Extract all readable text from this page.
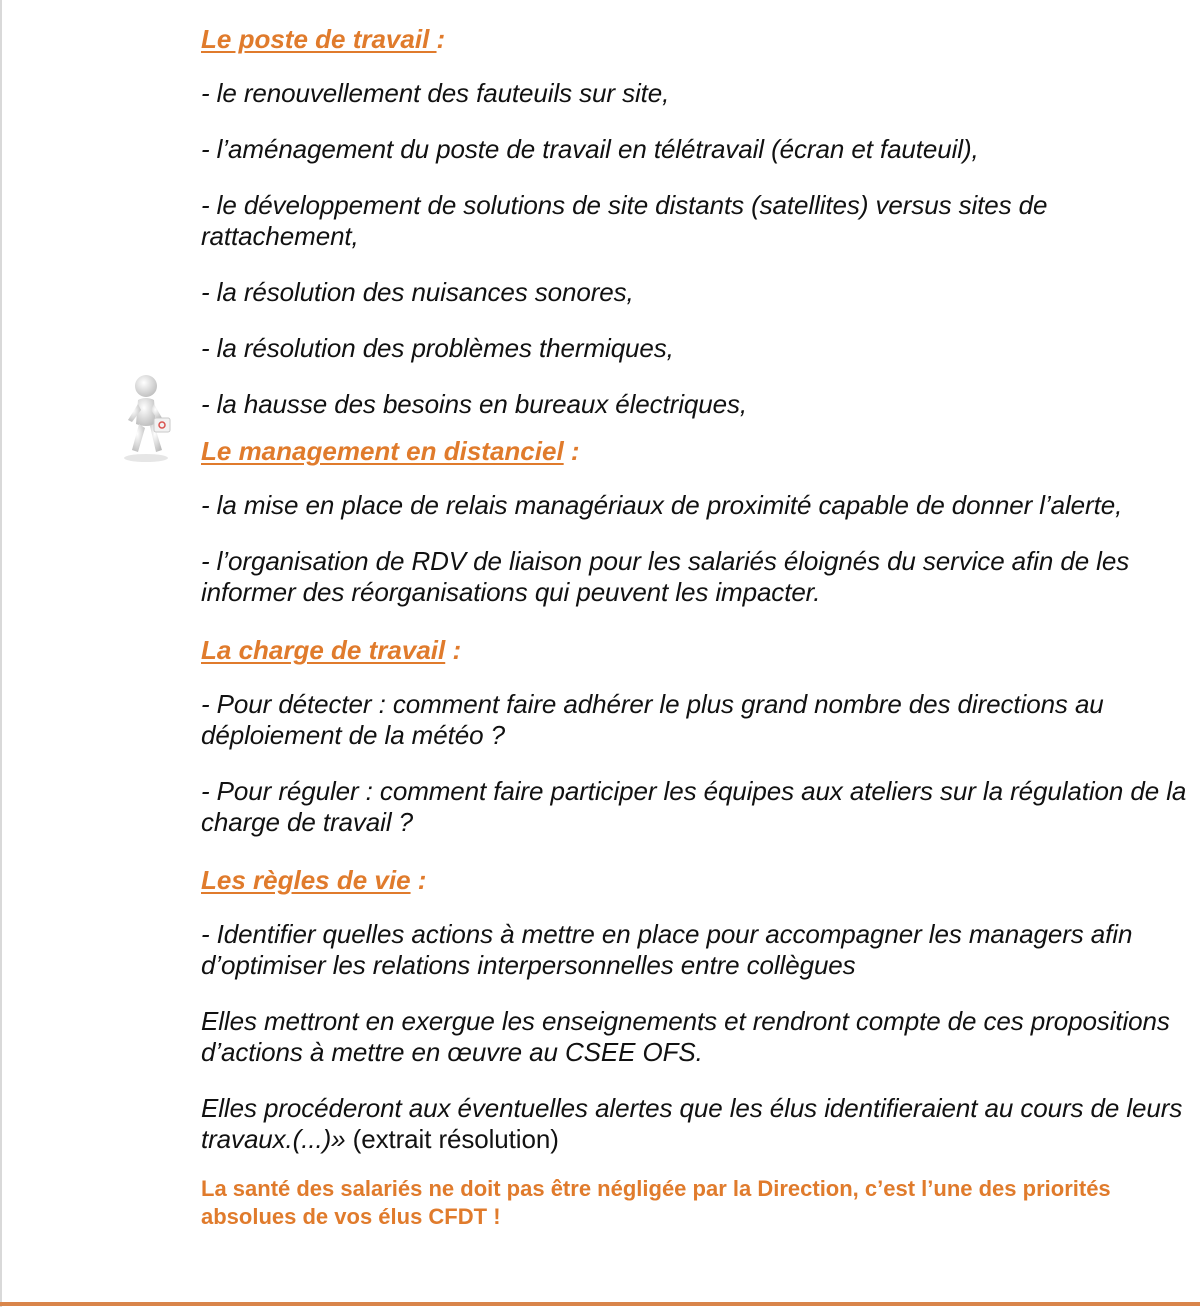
Le poste de travail :
- le renouvellement des fauteuils sur site,
- l’aménagement du poste de travail en télétravail (écran et fauteuil),
- le développement de solutions de site distants (satellites) versus sites de rattachement,
- la résolution des nuisances sonores,
- la résolution des problèmes thermiques,
- la hausse des besoins en bureaux électriques,
Le management en distanciel :
- la mise en place de relais managériaux de proximité capable de donner l’alerte,
- l’organisation de RDV de liaison pour les salariés éloignés du service afin de les informer des réorganisations qui peuvent les impacter.
La charge de travail :
- Pour détecter : comment faire adhérer le plus grand nombre des directions au déploiement de la météo ?
- Pour réguler : comment faire participer les équipes aux ateliers sur la régulation de la charge de travail ?
Les règles de vie :
- Identifier quelles actions à mettre en place pour accompagner les managers afin d’optimiser les relations interpersonnelles entre collègues
Elles mettront en exergue les enseignements et rendront compte de ces propositions d’actions à mettre en œuvre au CSEE OFS.
Elles procéderont aux éventuelles alertes que les élus identifieraient au cours de leurs travaux.(...)» (extrait résolution)
La santé des salariés ne doit pas être négligée par la Direction, c’est l’une des priorités absolues de vos élus CFDT !
